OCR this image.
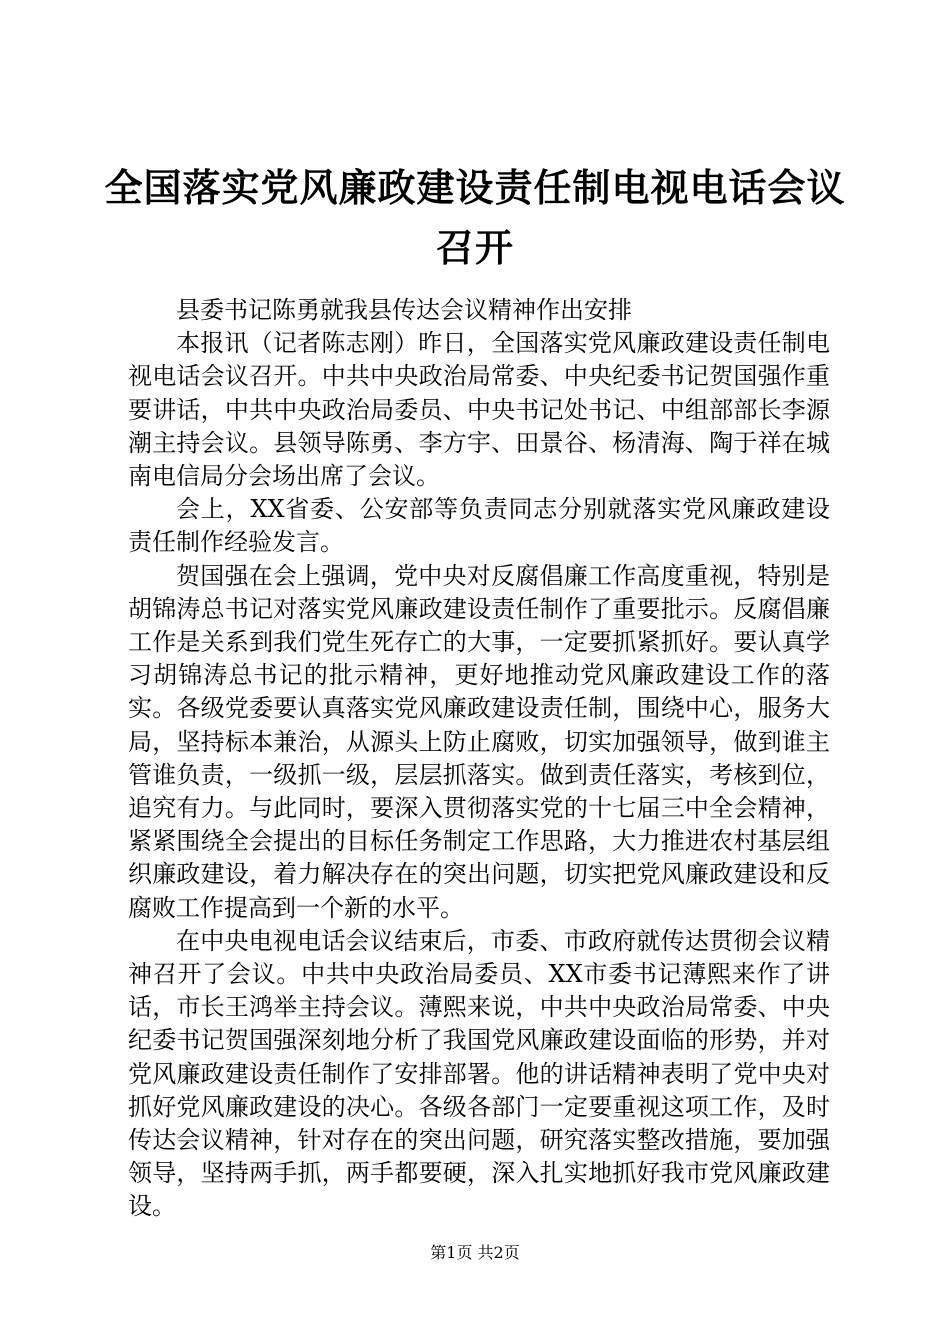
全国落实党风廉政建设责任制电视电话会议召开

县委书记陈勇就我县传达会议精神作出安排

本报讯（记者陈志刚）昨日，全国落实党风廉政建设责任制电视电话会议召开。中共中央政治局常委、中央纪委书记贺国强作重要讲话，中共中央政治局委员、中央书记处书记、中组部部长李源潮主持会议。县领导陈勇、李方宇、田景谷、杨清海、陶于祥在城南电信局分会场出席了会议。

会上，XX省委、公安部等负责同志分别就落实党风廉政建设责任制作经验发言。

贺国强在会上强调，党中央对反腐倡廉工作高度重视，特别是胡锦涛总书记对落实党风廉政建设责任制作了重要批示。反腐倡廉工作是关系到我们党生死存亡的大事，一定要抓紧抓好。要认真学习胡锦涛总书记的批示精神，更好地推动党风廉政建设工作的落实。各级党委要认真落实党风廉政建设责任制，围绕中心，服务大局，坚持标本兼治，从源头上防止腐败，切实加强领导，做到谁主管谁负责，一级抓一级，层层抓落实。做到责任落实，考核到位，追究有力。与此同时，要深入贯彻落实党的十七届三中全会精神，紧紧围绕全会提出的目标任务制定工作思路，大力推进农村基层组织廉政建设，着力解决存在的突出问题，切实把党风廉政建设和反腐败工作提高到一个新的水平。

在中央电视电话会议结束后，市委、市政府就传达贯彻会议精神召开了会议。中共中央政治局委员、XX市委书记薄熙来作了讲话，市长王鸿举主持会议。薄熙来说，中共中央政治局常委、中央纪委书记贺国强深刻地分析了我国党风廉政建设面临的形势，并对党风廉政建设责任制作了安排部署。他的讲话精神表明了党中央对抓好党风廉政建设的决心。各级各部门一定要重视这项工作，及时传达会议精神，针对存在的突出问题，研究落实整改措施，要加强领导，坚持两手抓，两手都要硬，深入扎实地抓好我市党风廉政建设。

第1页 共2页
